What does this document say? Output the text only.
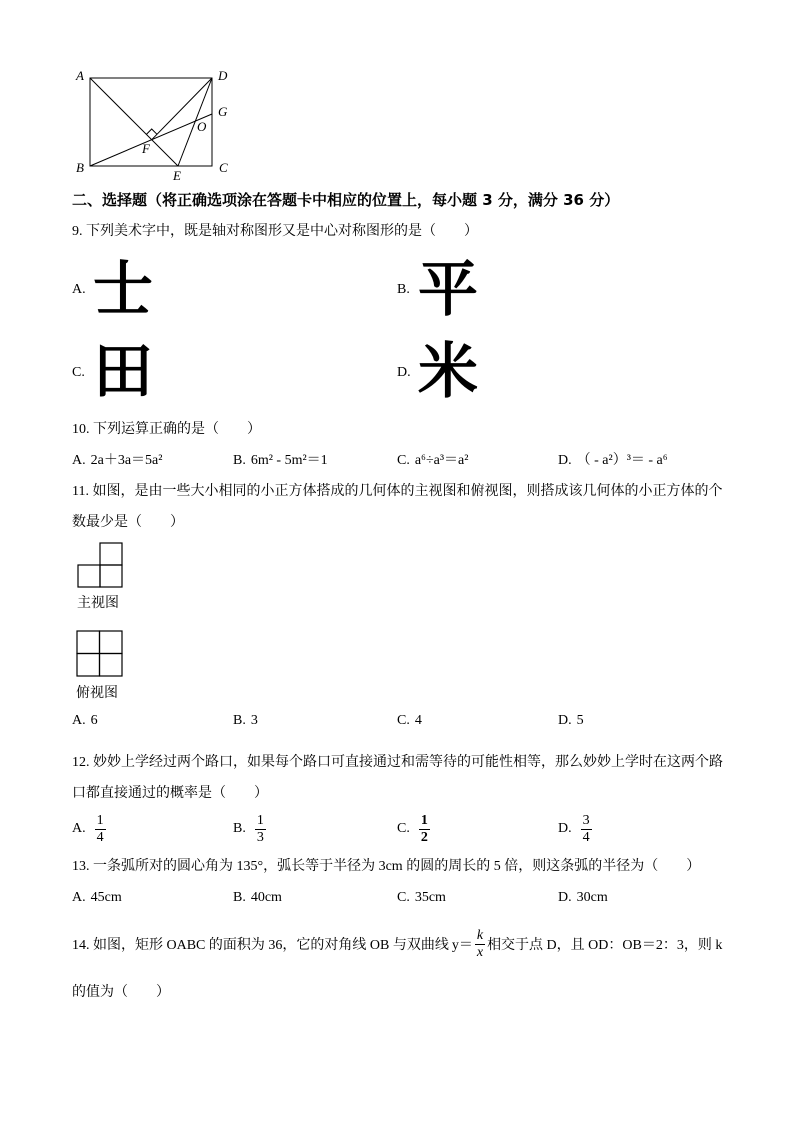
A	D
G
O
F
B
E
C
二、选择题（将正确选项涂在答题卡中相应的位置上，每小题 3 分，满分 36 分）
9. 下列美术字中，既是轴对称图形又是中心对称图形的是（　　）
A. 士	B. 平
C. 田	D. 米
10. 下列运算正确的是（　　）
A. 2a＋3a＝5a²	B. 6m² - 5m²＝1	C. a⁶÷a³＝a²	D. （ - a²）³＝ - a⁶
11. 如图，是由一些大小相同的小正方体搭成的几何体的主视图和俯视图，则搭成该几何体的小正方体的个
数最少是（　　）
主视图
俯视图
A. 6	B. 3	C. 4	D. 5
12. 妙妙上学经过两个路口，如果每个路口可直接通过和需等待的可能性相等，那么妙妙上学时在这两个路
口都直接通过的概率是（　　）
A. $\frac{1}{4}$	B. $\frac{1}{3}$	C. $\frac{1}{2}$	D. $\frac{3}{4}$
13. 一条弧所对的圆心角为 135°，弧长等于半径为 3cm 的圆的周长的 5 倍，则这条弧的半径为（　　）
A. 45cm	B. 40cm	C. 35cm	D. 30cm
14. 如图，矩形 OABC 的面积为 36，它的对角线 OB 与双曲线 $y= \frac{k}{x}$ 相交于点 D，且 OD：OB＝2：3，则 k
的值为（　　）
